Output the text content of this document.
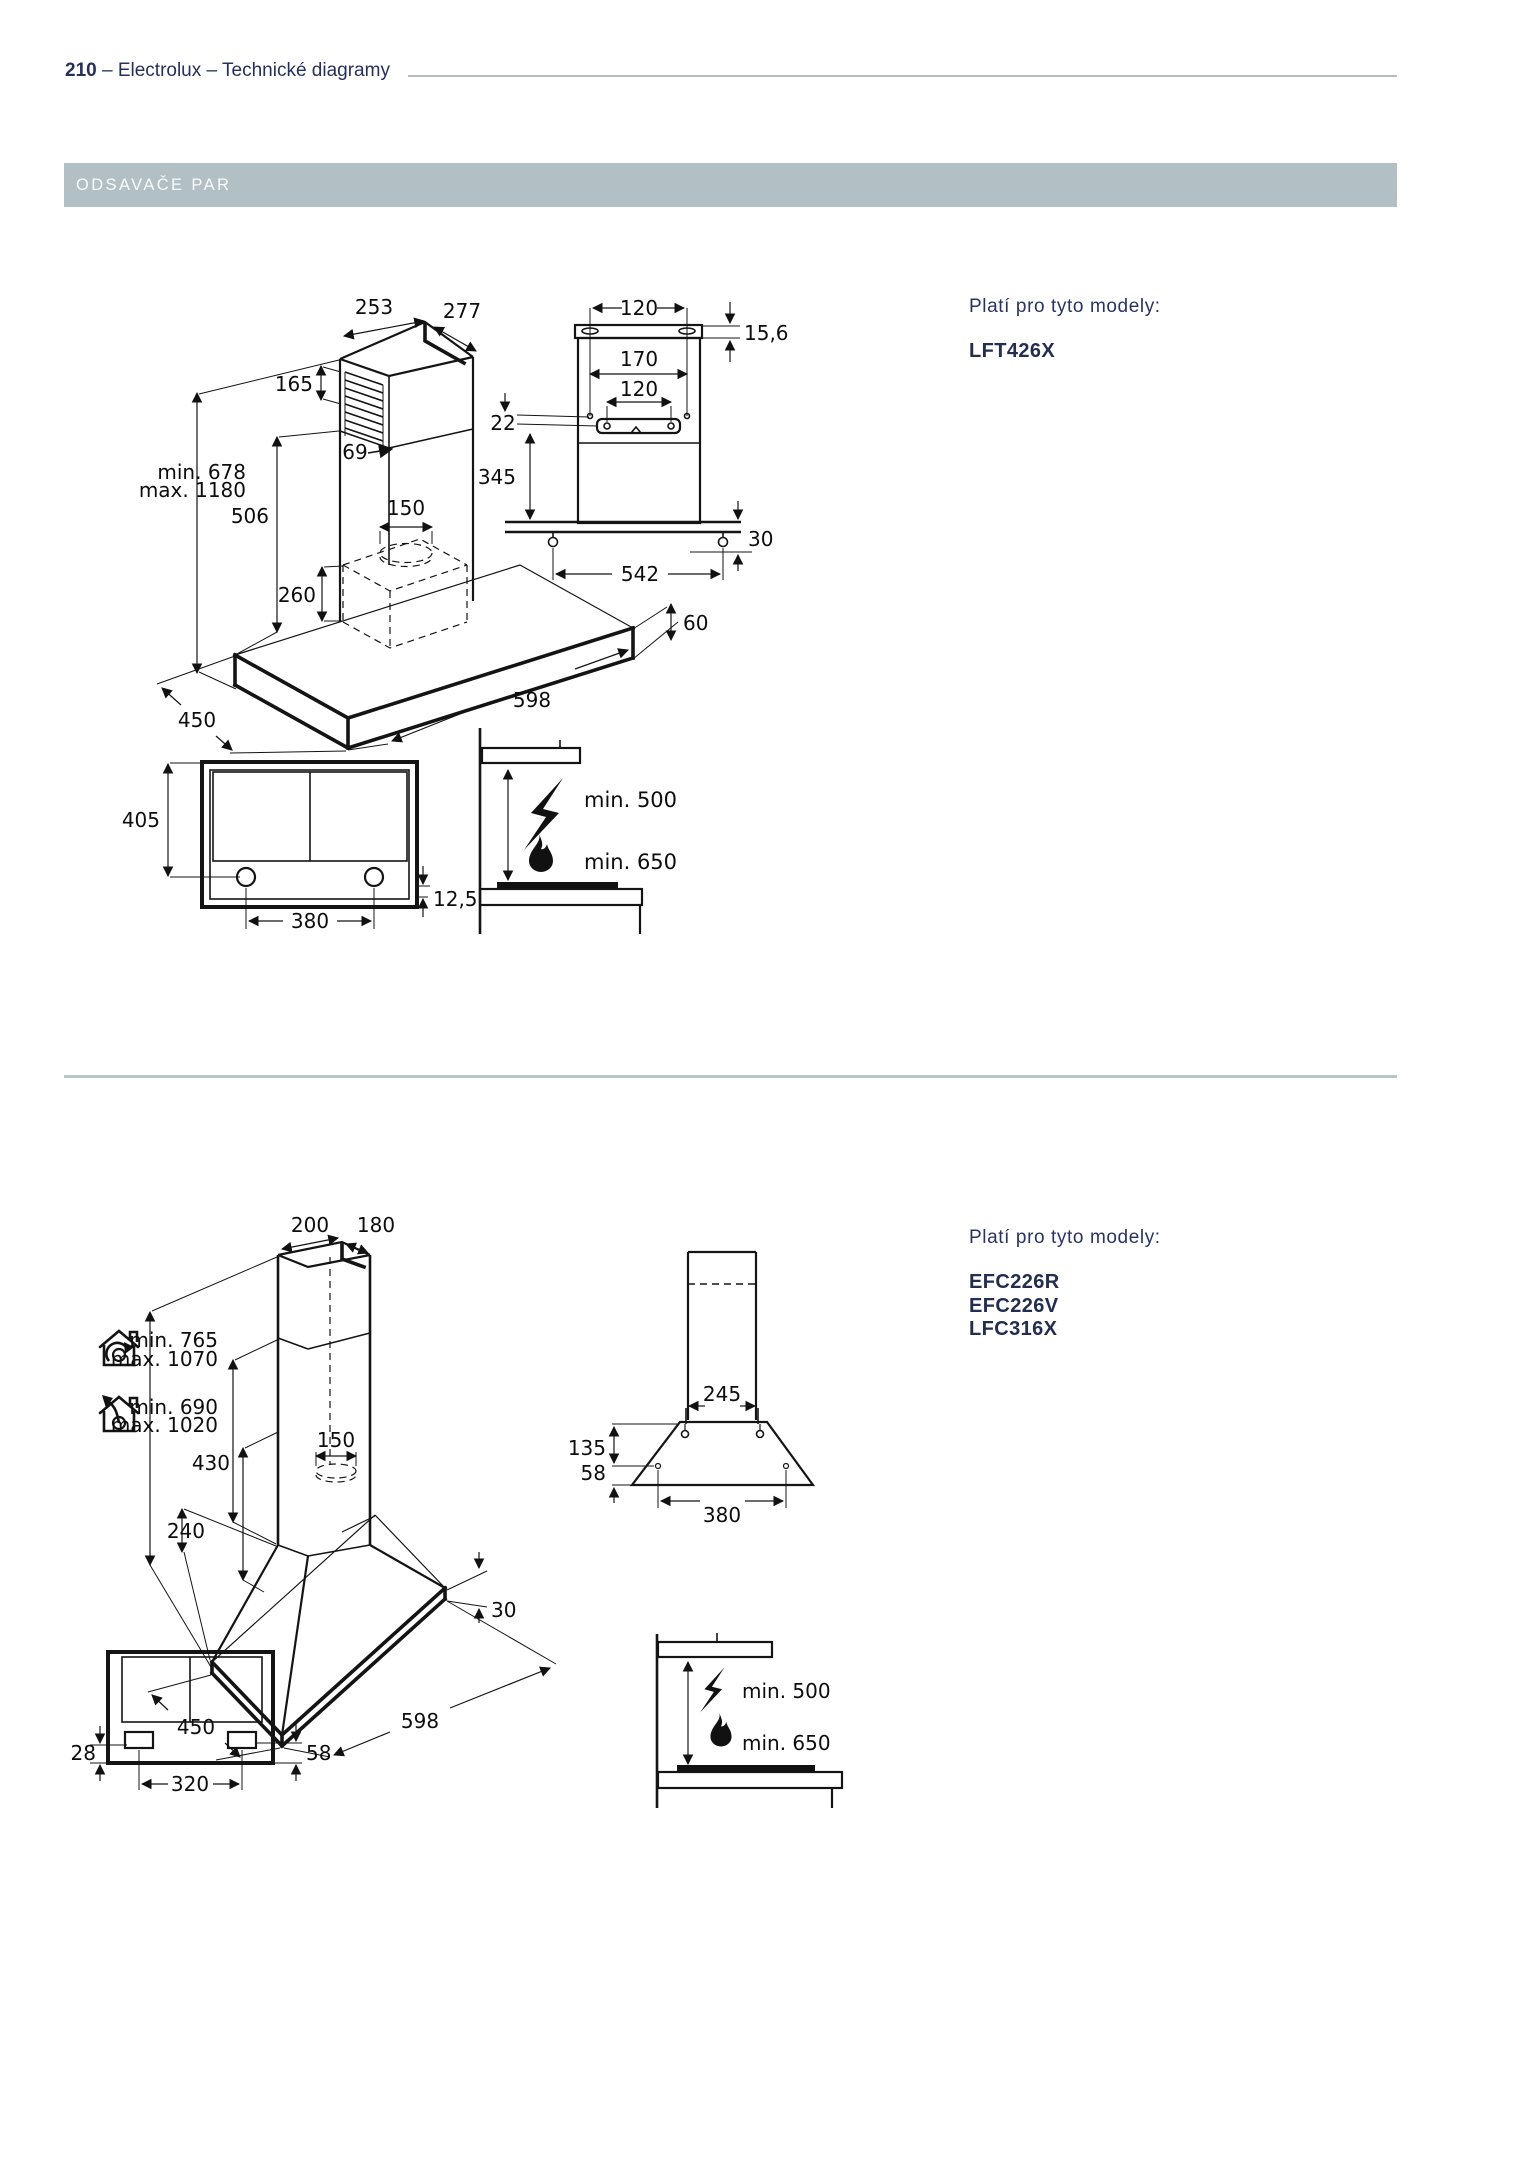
210 – Electrolux – Technické diagramy
ODSAVAČE PAR
Platí pro tyto modely:
LFT426X
Platí pro tyto modely:
EFC226R
EFC226V
LFC316X
253 277
165
69
min. 678
max. 1180
506	150
260
450
598
60
120
15,6
170
120
22
345
30
542
405
380
12,5
min. 500
min. 650
200 180
min. 765
max. 1070
min. 690
max. 1020
430
150
240
30
450	598
245
135
58
380
28
320
58
min. 500
min. 650
